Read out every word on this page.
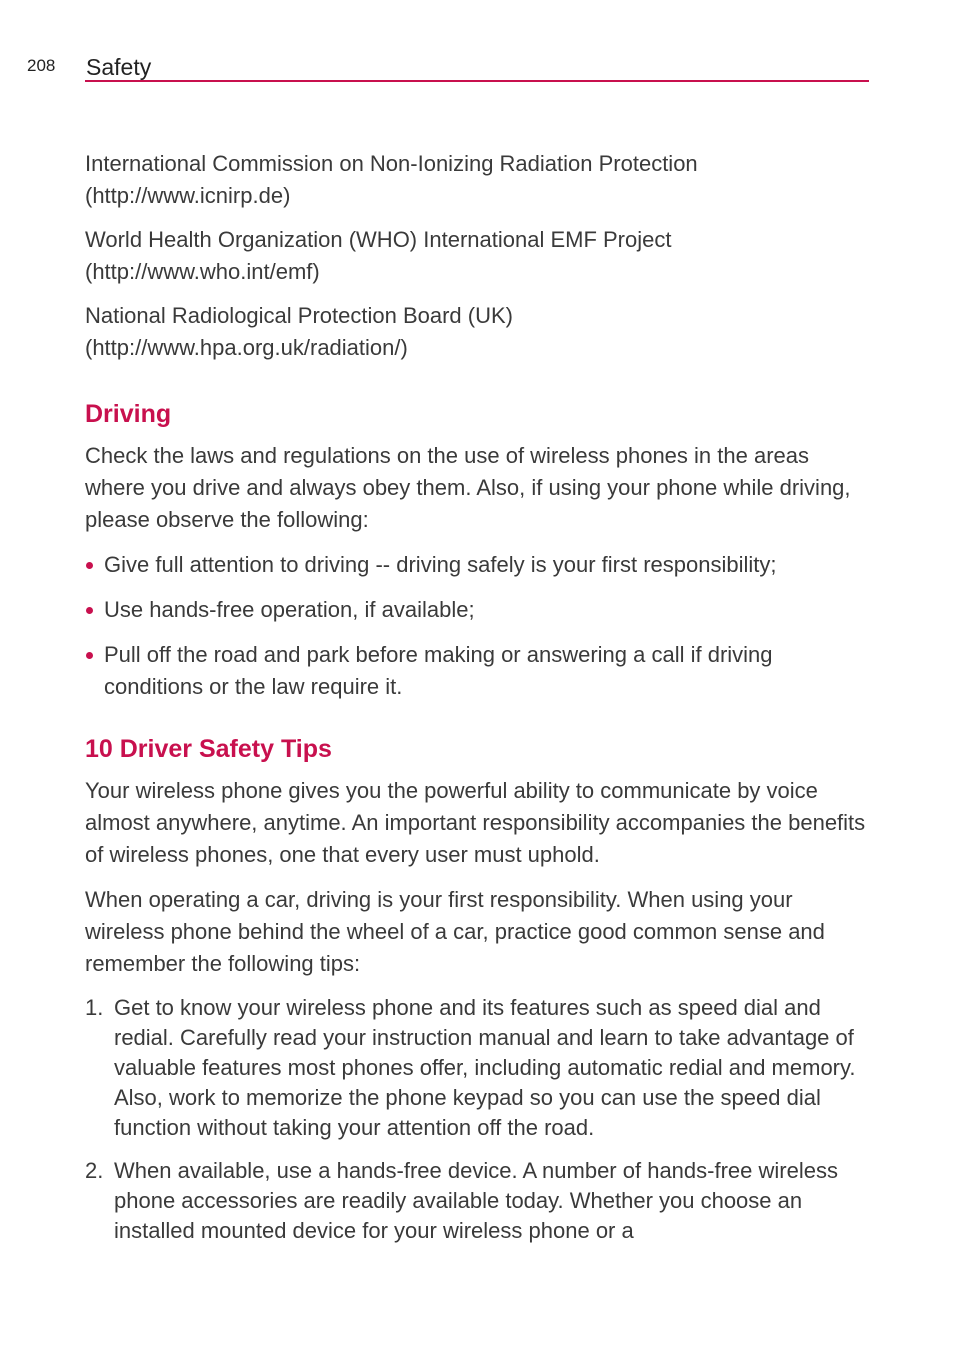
208 Safety

International Commission on Non-Ionizing Radiation Protection

(http://www.icnirp.de)

World Health Organization (WHO) International EMF Project

(http://www.who.int/emf)

National Radiological Protection Board (UK)

(http://www.hpa.org.uk/radiation/)

Driving

Check the laws and regulations on the use of wireless phones in the areas where you drive and always obey them. Also, if using your phone while driving, please observe the following:

Give full attention to driving -- driving safely is your first responsibility;
Use hands-free operation, if available;
Pull off the road and park before making or answering a call if driving conditions or the law require it.
10 Driver Safety Tips

Your wireless phone gives you the powerful ability to communicate by voice almost anywhere, anytime. An important responsibility accompanies the benefits of wireless phones, one that every user must uphold.

When operating a car, driving is your first responsibility. When using your wireless phone behind the wheel of a car, practice good common sense and remember the following tips:

1. Get to know your wireless phone and its features such as speed dial and redial. Carefully read your instruction manual and learn to take advantage of valuable features most phones offer, including automatic redial and memory. Also, work to memorize the phone keypad so you can use the speed dial function without taking your attention off the road.
2. When available, use a hands-free device. A number of hands-free wireless phone accessories are readily available today. Whether you choose an installed mounted device for your wireless phone or a
